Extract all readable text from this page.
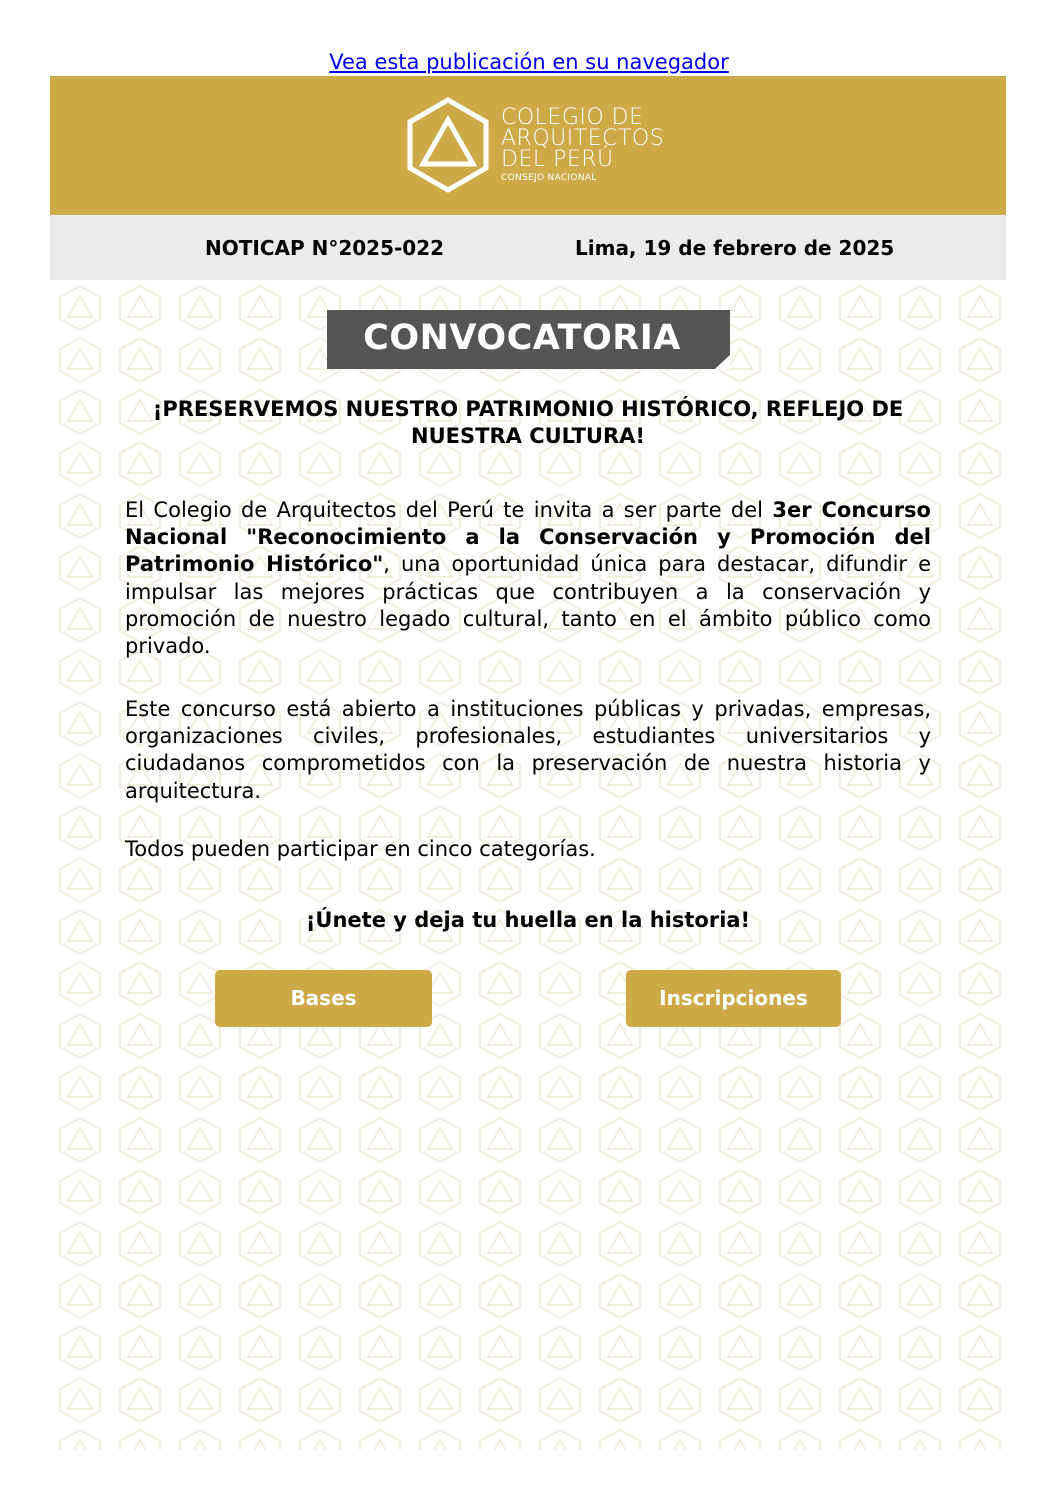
Vea esta publicación en su navegador
COLEGIO DE
ARQUITECTOS
DEL PERÚ
CONSEJO NACIONAL
NOTICAP N°2025-022	Lima, 19 de febrero de 2025
CONVOCATORIA

¡PRESERVEMOS NUESTRO PATRIMONIO HISTÓRICO, REFLEJO DE NUESTRA CULTURA!

El Colegio de Arquitectos del Perú te invita a ser parte del 3er Concurso Nacional "Reconocimiento a la Conservación y Promoción del Patrimonio Histórico", una oportunidad única para destacar, difundir e impulsar las mejores prácticas que contribuyen a la conservación y promoción de nuestro legado cultural, tanto en el ámbito público como privado.

Este concurso está abierto a instituciones públicas y privadas, empresas, organizaciones civiles, profesionales, estudiantes universitarios y ciudadanos comprometidos con la preservación de nuestra historia y arquitectura.

Todos pueden participar en cinco categorías.

¡Únete y deja tu huella en la historia!

Bases	Inscripciones
